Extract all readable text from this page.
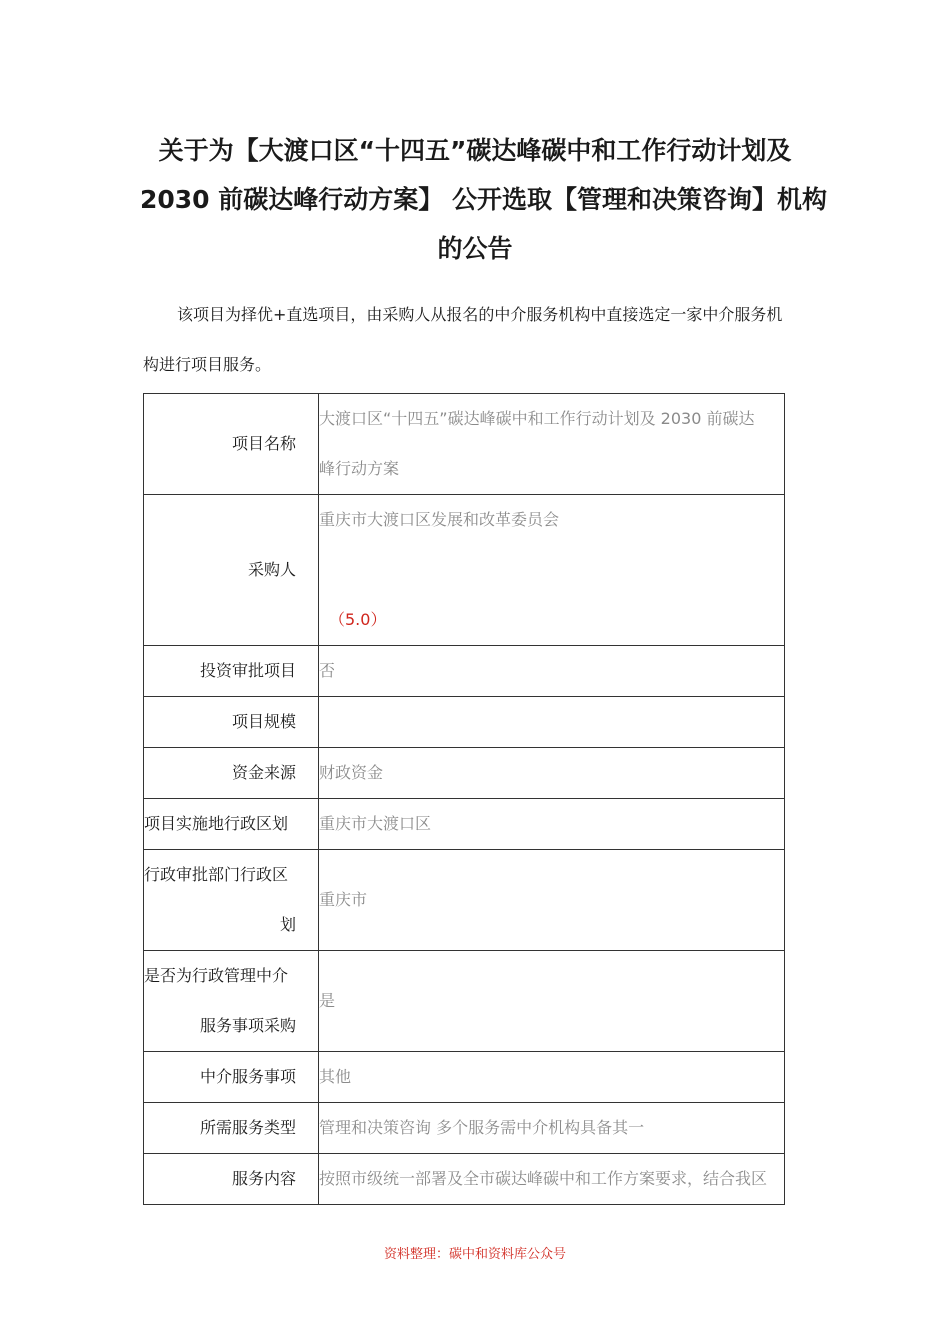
关于为【大渡口区“十四五”碳达峰碳中和工作行动计划及
2030 前碳达峰行动方案】 公开选取【管理和决策咨询】机构
的公告
该项目为择优+直选项目，由采购人从报名的中介服务机构中直接选定一家中介服务机
构进行项目服务。
项目名称	大渡口区“十四五”碳达峰碳中和工作行动计划及 2030 前碳达
峰行动方案

采购人	重庆市大渡口区发展和改革委员会
（5.0）

投资审批项目	否
项目规模	
资金来源	财政资金
项目实施地行政区划	重庆市大渡口区

行政审批部门行政区
划	重庆市

是否为行政管理中介
服务事项采购	是
中介服务事项	其他
所需服务类型	管理和决策咨询 多个服务需中介机构具备其一
服务内容	按照市级统一部署及全市碳达峰碳中和工作方案要求，结合我区
资料整理：碳中和资料库公众号
